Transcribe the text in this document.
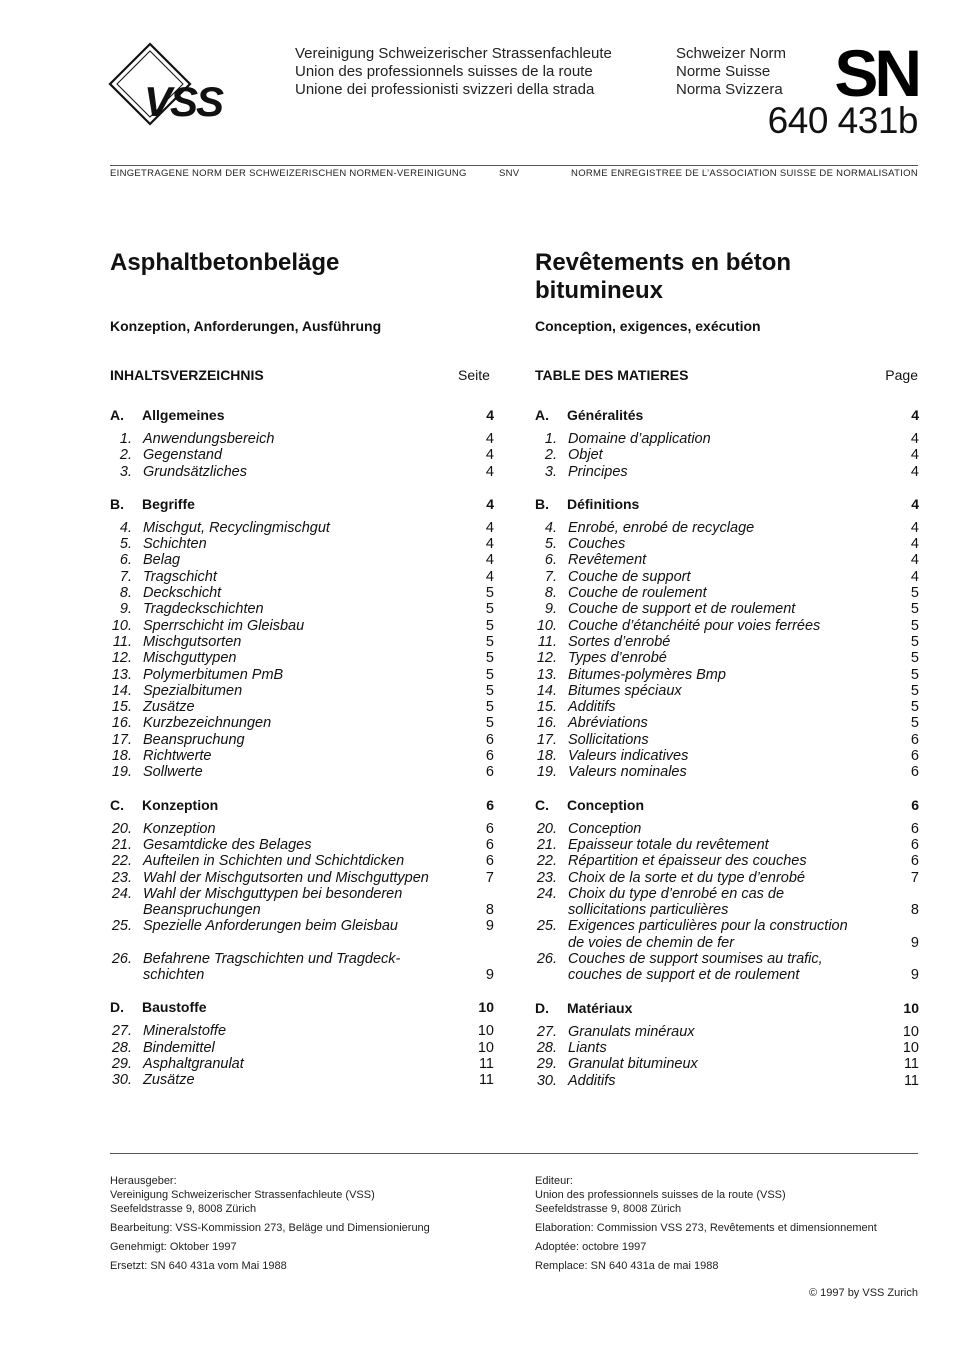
VSS
Vereinigung Schweizerischer Strassenfachleute
Union des professionnels suisses de la route
Unione dei professionisti svizzeri della strada
Schweizer Norm
Norme Suisse
Norma Svizzera SN
640 431b
EINGETRAGENE NORM DER SCHWEIZERISCHEN NORMEN-VEREINIGUNG	SNV	NORME ENREGISTREE DE L’ASSOCIATION SUISSE DE NORMALISATION
Asphaltbetonbeläge	Revêtements en béton
bitumineux
Konzeption, Anforderungen, Ausführung	Conception, exigences, exécution
INHALTSVERZEICHNIS	Seite	TABLE DES MATIERES	Page
A.	Allgemeines	4
1. Anwendungsbereich	4
2. Gegenstand	4
3. Grundsätzliches	4
B.	Begriffe	4
4. Mischgut, Recyclingmischgut	4
5. Schichten	4
6. Belag	4
7. Tragschicht	4
8. Deckschicht	5
9. Tragdeckschichten	5
10. Sperrschicht im Gleisbau	5
11. Mischgutsorten	5
12. Mischguttypen	5
13. Polymerbitumen PmB	5
14. Spezialbitumen	5
15. Zusätze	5
16. Kurzbezeichnungen	5
17. Beanspruchung	6
18. Richtwerte	6
19. Sollwerte	6
C.	Konzeption	6
20. Konzeption	6
21. Gesamtdicke des Belages	6
22. Aufteilen in Schichten und Schichtdicken	6
23. Wahl der Mischgutsorten und Mischguttypen	7
24. Wahl der Mischguttypen bei besonderen
Beanspruchungen	8
25. Spezielle Anforderungen beim Gleisbau	9
26. Befahrene Tragschichten und Tragdeck-
schichten	9
D.	Baustoffe	10
27. Mineralstoffe	10
28. Bindemittel	10
29. Asphaltgranulat	11
30. Zusätze	11
A.	Généralités	4
1. Domaine d’application	4
2. Objet	4
3. Principes	4
B.	Définitions	4
4. Enrobé, enrobé de recyclage	4
5. Couches	4
6. Revêtement	4
7. Couche de support	4
8. Couche de roulement	5
9. Couche de support et de roulement	5
10. Couche d’étanchéité pour voies ferrées	5
11. Sortes d’enrobé	5
12. Types d’enrobé	5
13. Bitumes-polymères Bmp	5
14. Bitumes spéciaux	5
15. Additifs	5
16. Abréviations	5
17. Sollicitations	6
18. Valeurs indicatives	6
19. Valeurs nominales	6
C.	Conception	6
20. Conception	6
21. Epaisseur totale du revêtement	6
22. Répartition et épaisseur des couches	6
23. Choix de la sorte et du type d’enrobé	7
24. Choix du type d’enrobé en cas de
sollicitations particulières	8
25. Exigences particulières pour la construction
de voies de chemin de fer	9
26. Couches de support soumises au trafic,
couches de support et de roulement	9
D.	Matériaux	10
27. Granulats minéraux	10
28. Liants	10
29. Granulat bitumineux	11
30. Additifs	11
Herausgeber:
Vereinigung Schweizerischer Strassenfachleute (VSS)
Seefeldstrasse 9, 8008 Zürich
Bearbeitung: VSS-Kommission 273, Beläge und Dimensionierung
Genehmigt: Oktober 1997
Ersetzt: SN 640 431a vom Mai 1988
Editeur:
Union des professionnels suisses de la route (VSS)
Seefeldstrasse 9, 8008 Zürich
Elaboration: Commission VSS 273, Revêtements et dimensionnement
Adoptée: octobre 1997
Remplace: SN 640 431a de mai 1988
© 1997 by VSS Zurich
